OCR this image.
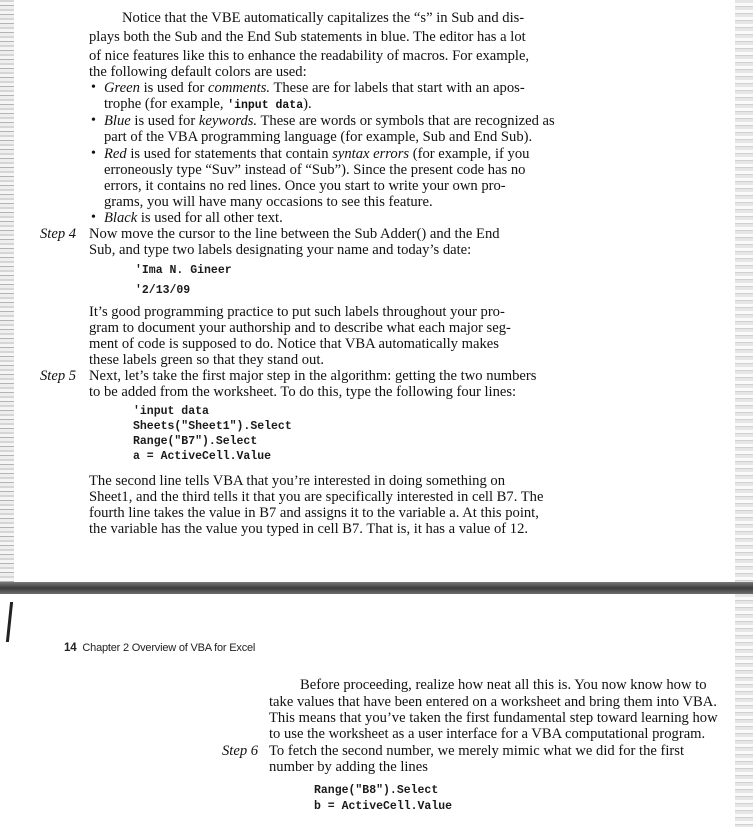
Notice that the VBE automatically capitalizes the “s” in Sub and dis-
plays both the Sub and the End Sub statements in blue. The editor has a lot
of nice features like this to enhance the readability of macros. For example,
the following default colors are used:
• Green is used for comments. These are for labels that start with an apos-
trophe (for example, 'input data).
• Blue is used for keywords. These are words or symbols that are recognized as
part of the VBA programming language (for example, Sub and End Sub).
• Red is used for statements that contain syntax errors (for example, if you
erroneously type “Suv” instead of “Sub”). Since the present code has no
errors, it contains no red lines. Once you start to write your own pro-
grams, you will have many occasions to see this feature.
• Black is used for all other text.
Step 4 Now move the cursor to the line between the Sub Adder() and the End
Sub, and type two labels designating your name and today’s date:
'Ima N. Gineer
'2/13/09
It’s good programming practice to put such labels throughout your pro-
gram to document your authorship and to describe what each major seg-
ment of code is supposed to do. Notice that VBA automatically makes
these labels green so that they stand out.
Step 5 Next, let’s take the first major step in the algorithm: getting the two numbers
to be added from the worksheet. To do this, type the following four lines:
'input data
Sheets("Sheet1").Select
Range("B7").Select
a = ActiveCell.Value
The second line tells VBA that you’re interested in doing something on
Sheet1, and the third tells it that you are specifically interested in cell B7. The
fourth line takes the value in B7 and assigns it to the variable a. At this point,
the variable has the value you typed in cell B7. That is, it has a value of 12.
14 Chapter 2 Overview of VBA for Excel
Before proceeding, realize how neat all this is. You now know how to
take values that have been entered on a worksheet and bring them into VBA.
This means that you’ve taken the first fundamental step toward learning how
to use the worksheet as a user interface for a VBA computational program.
Step 6 To fetch the second number, we merely mimic what we did for the first
number by adding the lines
Range("B8").Select
b = ActiveCell.Value
